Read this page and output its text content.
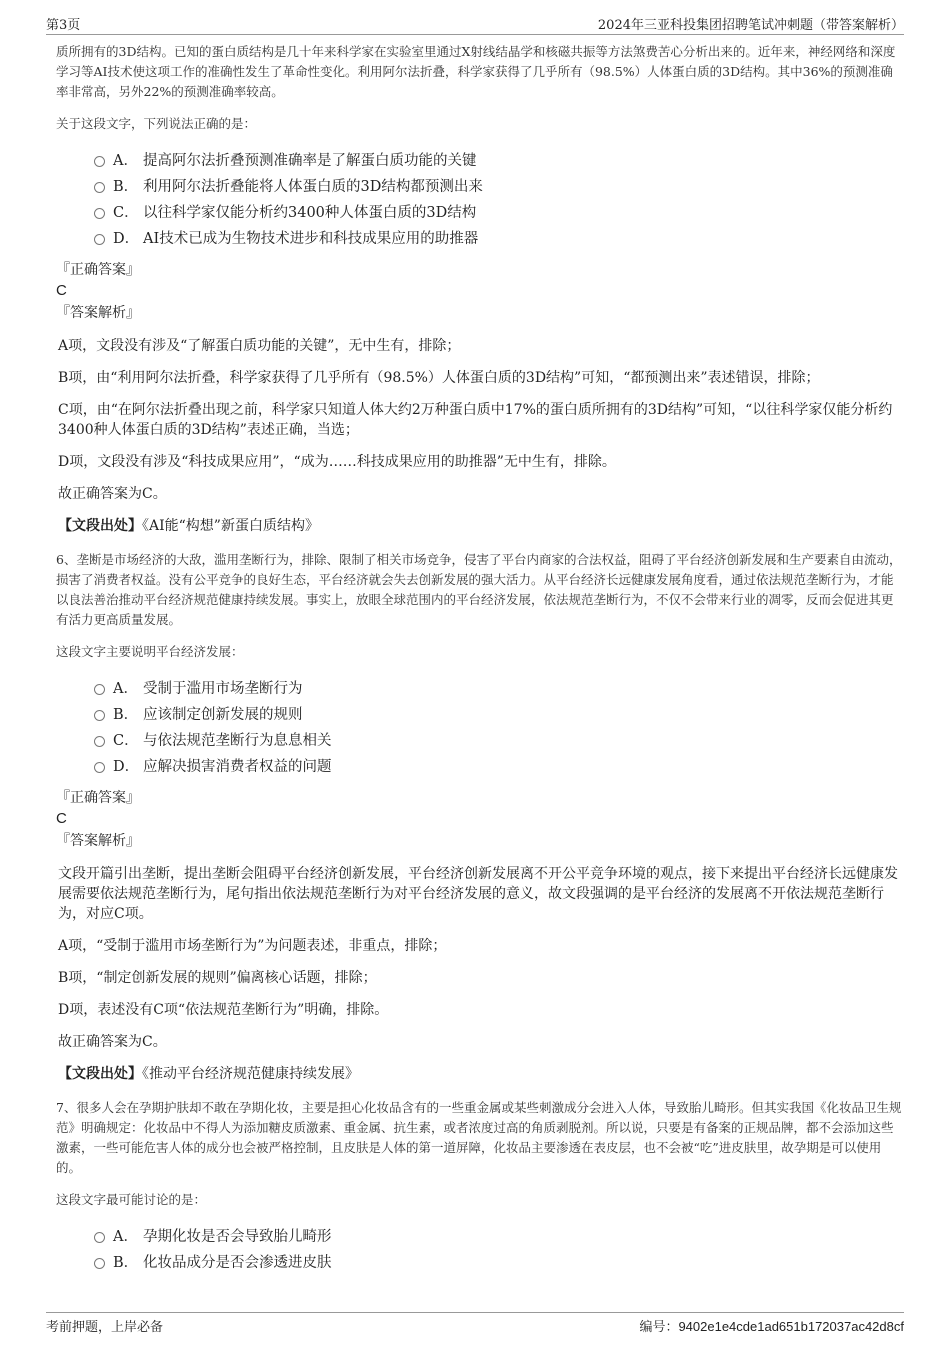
第3页	2024年三亚科投集团招聘笔试冲刺题（带答案解析）

质所拥有的3D结构。已知的蛋白质结构是几十年来科学家在实验室里通过X射线结晶学和核磁共振等方法煞费苦心分析出来的。近年来，神经网络和深度学习等AI技术使这项工作的准确性发生了革命性变化。利用阿尔法折叠，科学家获得了几乎所有（98.5%）人体蛋白质的3D结构。其中36%的预测准确率非常高，另外22%的预测准确率较高。

关于这段文字，下列说法正确的是：

A． 提高阿尔法折叠预测准确率是了解蛋白质功能的关键
B． 利用阿尔法折叠能将人体蛋白质的3D结构都预测出来
C． 以往科学家仅能分析约3400种人体蛋白质的3D结构
D． AI技术已成为生物技术进步和科技成果应用的助推器

『正确答案』

C

『答案解析』

A项，文段没有涉及“了解蛋白质功能的关键”，无中生有，排除；

B项，由“利用阿尔法折叠，科学家获得了几乎所有（98.5%）人体蛋白质的3D结构”可知，“都预测出来”表述错误，排除；

C项，由“在阿尔法折叠出现之前，科学家只知道人体大约2万种蛋白质中17%的蛋白质所拥有的3D结构”可知，“以往科学家仅能分析约3400种人体蛋白质的3D结构”表述正确，当选；

D项，文段没有涉及“科技成果应用”，“成为……科技成果应用的助推器”无中生有，排除。

故正确答案为C。

【文段出处】《AI能“构想”新蛋白质结构》

6、垄断是市场经济的大敌，滥用垄断行为，排除、限制了相关市场竞争，侵害了平台内商家的合法权益，阻碍了平台经济创新发展和生产要素自由流动，损害了消费者权益。没有公平竞争的良好生态，平台经济就会失去创新发展的强大活力。从平台经济长远健康发展角度看，通过依法规范垄断行为，才能以良法善治推动平台经济规范健康持续发展。事实上，放眼全球范围内的平台经济发展，依法规范垄断行为，不仅不会带来行业的凋零，反而会促进其更有活力更高质量发展。

这段文字主要说明平台经济发展：

A． 受制于滥用市场垄断行为
B． 应该制定创新发展的规则
C． 与依法规范垄断行为息息相关
D． 应解决损害消费者权益的问题

『正确答案』

C

『答案解析』

文段开篇引出垄断，提出垄断会阻碍平台经济创新发展，平台经济创新发展离不开公平竞争环境的观点，接下来提出平台经济长远健康发展需要依法规范垄断行为，尾句指出依法规范垄断行为对平台经济发展的意义，故文段强调的是平台经济的发展离不开依法规范垄断行为，对应C项。

A项，“受制于滥用市场垄断行为”为问题表述，非重点，排除；

B项，“制定创新发展的规则”偏离核心话题，排除；

D项，表述没有C项“依法规范垄断行为”明确，排除。

故正确答案为C。

【文段出处】《推动平台经济规范健康持续发展》

7、很多人会在孕期护肤却不敢在孕期化妆，主要是担心化妆品含有的一些重金属或某些刺激成分会进入人体，导致胎儿畸形。但其实我国《化妆品卫生规范》明确规定：化妆品中不得人为添加糖皮质激素、重金属、抗生素，或者浓度过高的角质剥脱剂。所以说，只要是有备案的正规品牌，都不会添加这些激素，一些可能危害人体的成分也会被严格控制，且皮肤是人体的第一道屏障，化妆品主要渗透在表皮层，也不会被“吃”进皮肤里，故孕期是可以使用的。

这段文字最可能讨论的是：

A． 孕期化妆是否会导致胎儿畸形
B． 化妆品成分是否会渗透进皮肤
考前押题，上岸必备	编号：9402e1e4cde1ad651b172037ac42d8cf
